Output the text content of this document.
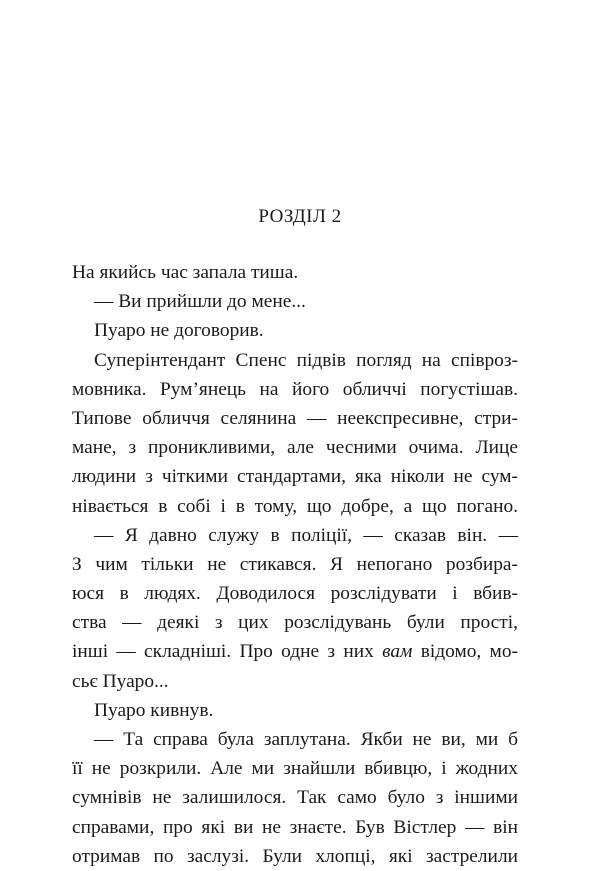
РОЗДІЛ 2
На якийсь час запала тиша.
— Ви прийшли до мене...
Пуаро не договорив.
Суперінтендант Спенс підвів погляд на співроз-
мовника. Рум’янець на його обличчі погустішав.
Типове обличчя селянина — неекспресивне, стри-
мане, з проникливими, але чесними очима. Лице
людини з чіткими стандартами, яка ніколи не сум-
нівається в собі і в тому, що добре, а що погано.
— Я давно служу в поліції, — сказав він. —
З чим тільки не стикався. Я непогано розбира-
юся в людях. Доводилося розслідувати і вбив-
ства — деякі з цих розслідувань були прості,
інші — складніші. Про одне з них вам відомо, мо-
сьє Пуаро...
Пуаро кивнув.
— Та справа була заплутана. Якби не ви, ми б
її не розкрили. Але ми знайшли вбивцю, і жодних
сумнівів не залишилося. Так само було з іншими
справами, про які ви не знаєте. Був Вістлер — він
отримав по заслузі. Були хлопці, які застрелили
